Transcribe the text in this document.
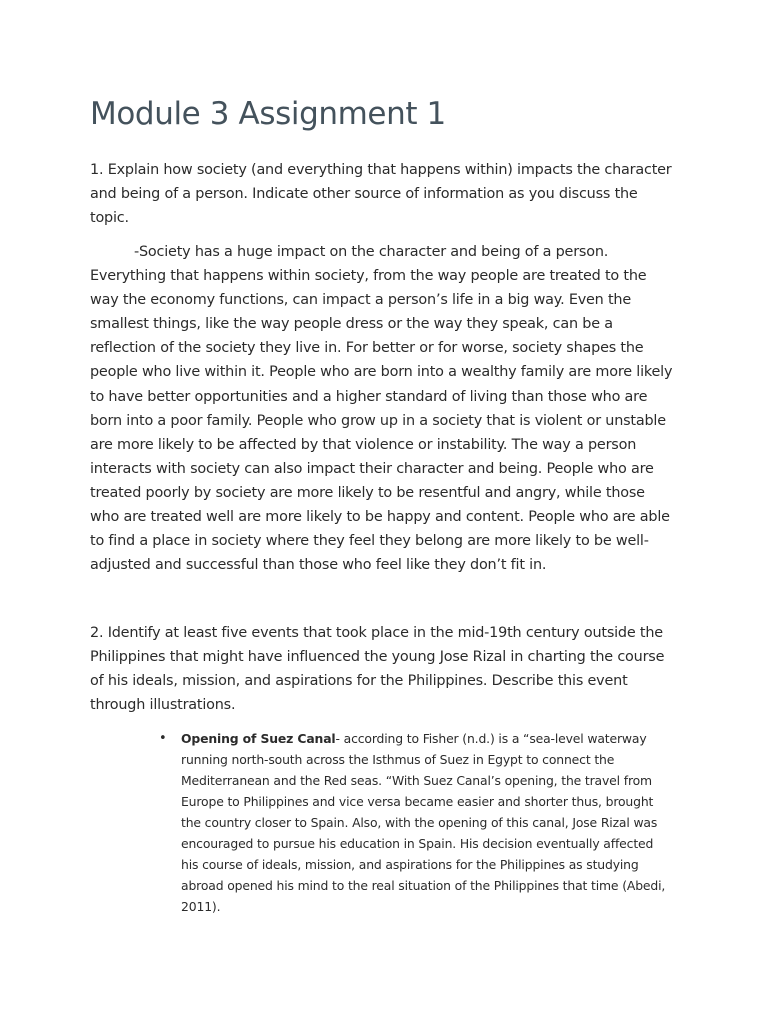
Module 3 Assignment 1

1. Explain how society (and everything that happens within) impacts the character and being of a person. Indicate other source of information as you discuss the topic.

-Society has a huge impact on the character and being of a person. Everything that happens within society, from the way people are treated to the way the economy functions, can impact a person’s life in a big way. Even the smallest things, like the way people dress or the way they speak, can be a reflection of the society they live in. For better or for worse, society shapes the people who live within it. People who are born into a wealthy family are more likely to have better opportunities and a higher standard of living than those who are born into a poor family. People who grow up in a society that is violent or unstable are more likely to be affected by that violence or instability. The way a person interacts with society can also impact their character and being. People who are treated poorly by society are more likely to be resentful and angry, while those who are treated well are more likely to be happy and content. People who are able to find a place in society where they feel they belong are more likely to be well-adjusted and successful than those who feel like they don’t fit in.

2. Identify at least five events that took place in the mid-19th century outside the Philippines that might have influenced the young Jose Rizal in charting the course of his ideals, mission, and aspirations for the Philippines. Describe this event through illustrations.

• Opening of Suez Canal- according to Fisher (n.d.) is a “sea-level waterway running north-south across the Isthmus of Suez in Egypt to connect the Mediterranean and the Red seas. “With Suez Canal’s opening, the travel from Europe to Philippines and vice versa became easier and shorter thus, brought the country closer to Spain. Also, with the opening of this canal, Jose Rizal was encouraged to pursue his education in Spain. His decision eventually affected his course of ideals, mission, and aspirations for the Philippines as studying abroad opened his mind to the real situation of the Philippines that time (Abedi, 2011).
